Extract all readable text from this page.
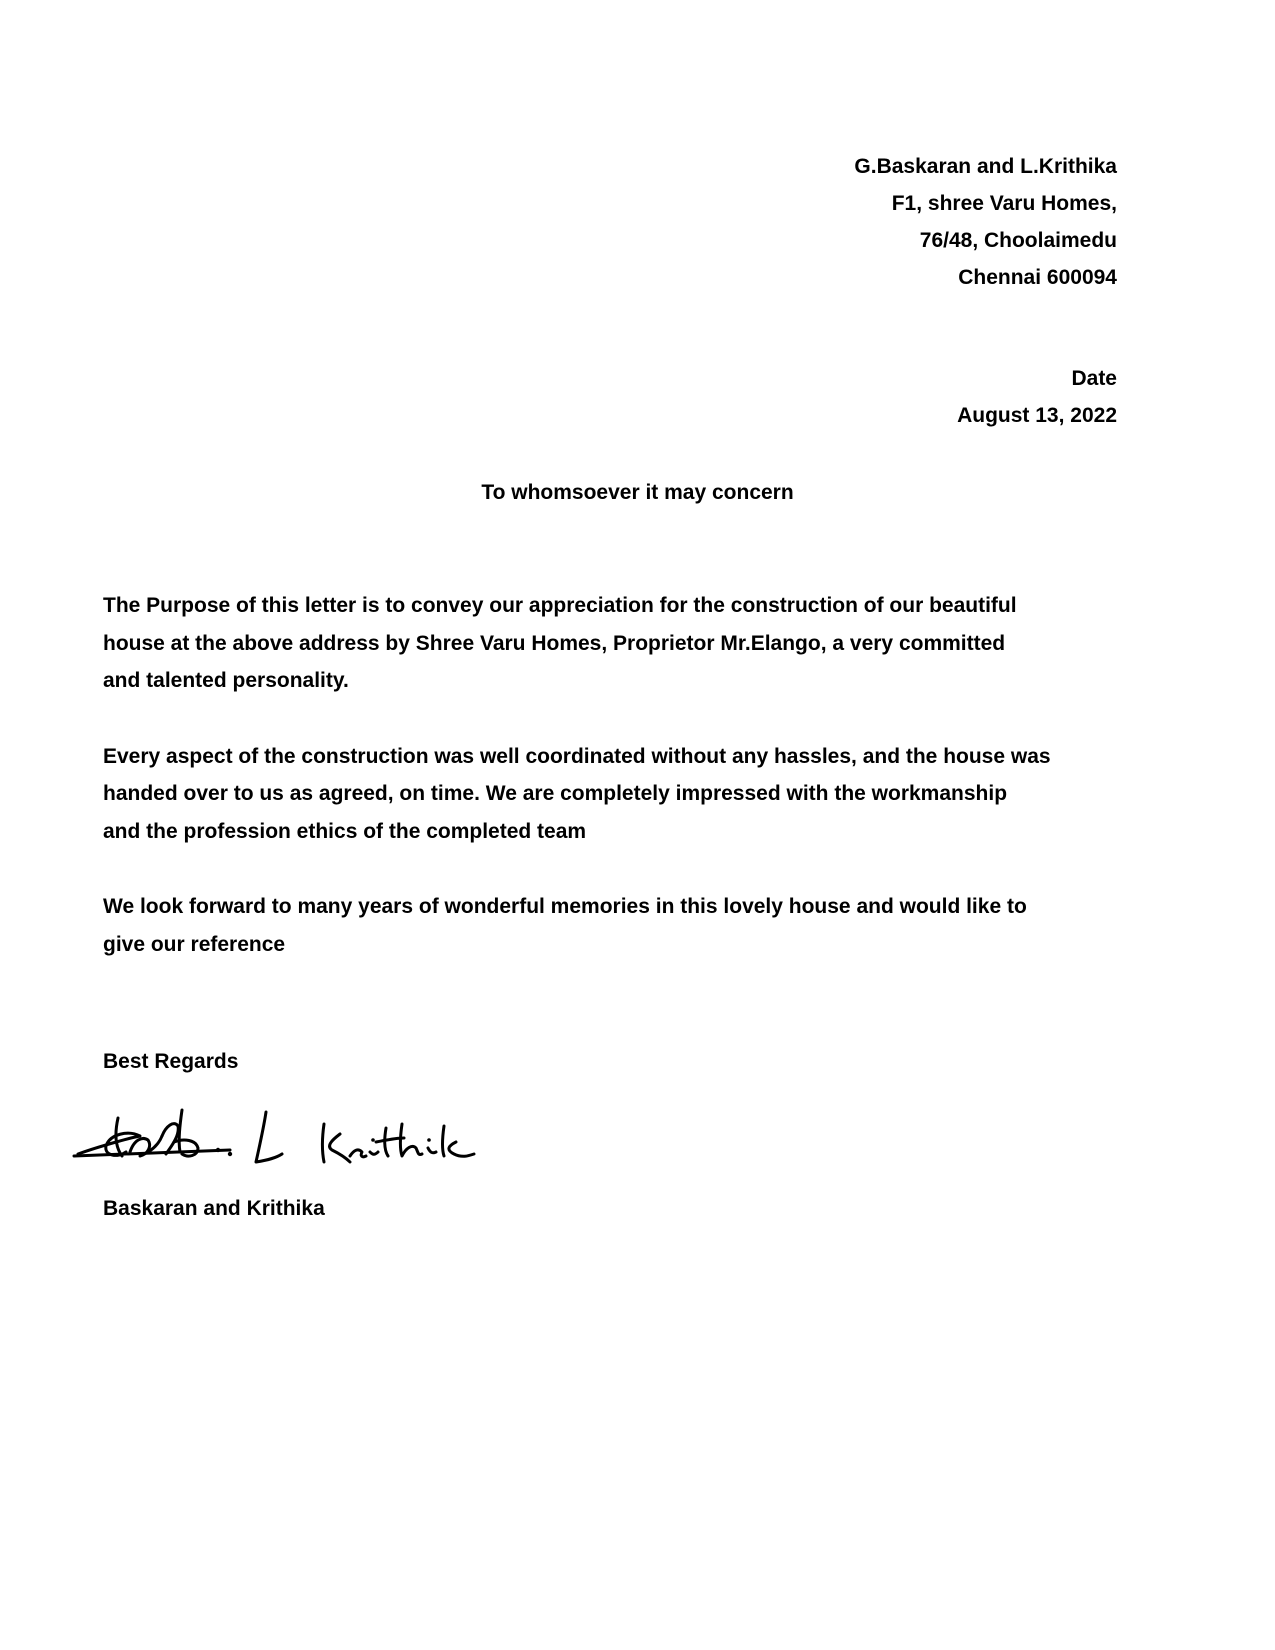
G.Baskaran and L.Krithika
F1, shree Varu Homes,
76/48, Choolaimedu
Chennai 600094
Date
August 13, 2022
To whomsoever it may concern

The Purpose of this letter is to convey our appreciation for the construction of our beautiful
house at the above address by Shree Varu Homes, Proprietor Mr.Elango, a very committed
and talented personality.

Every aspect of the construction was well coordinated without any hassles, and the house was
handed over to us as agreed, on time. We are completely impressed with the workmanship
and the profession ethics of the completed team

We look forward to many years of wonderful memories in this lovely house and would like to
give our reference

Best Regards
Baskaran and Krithika
